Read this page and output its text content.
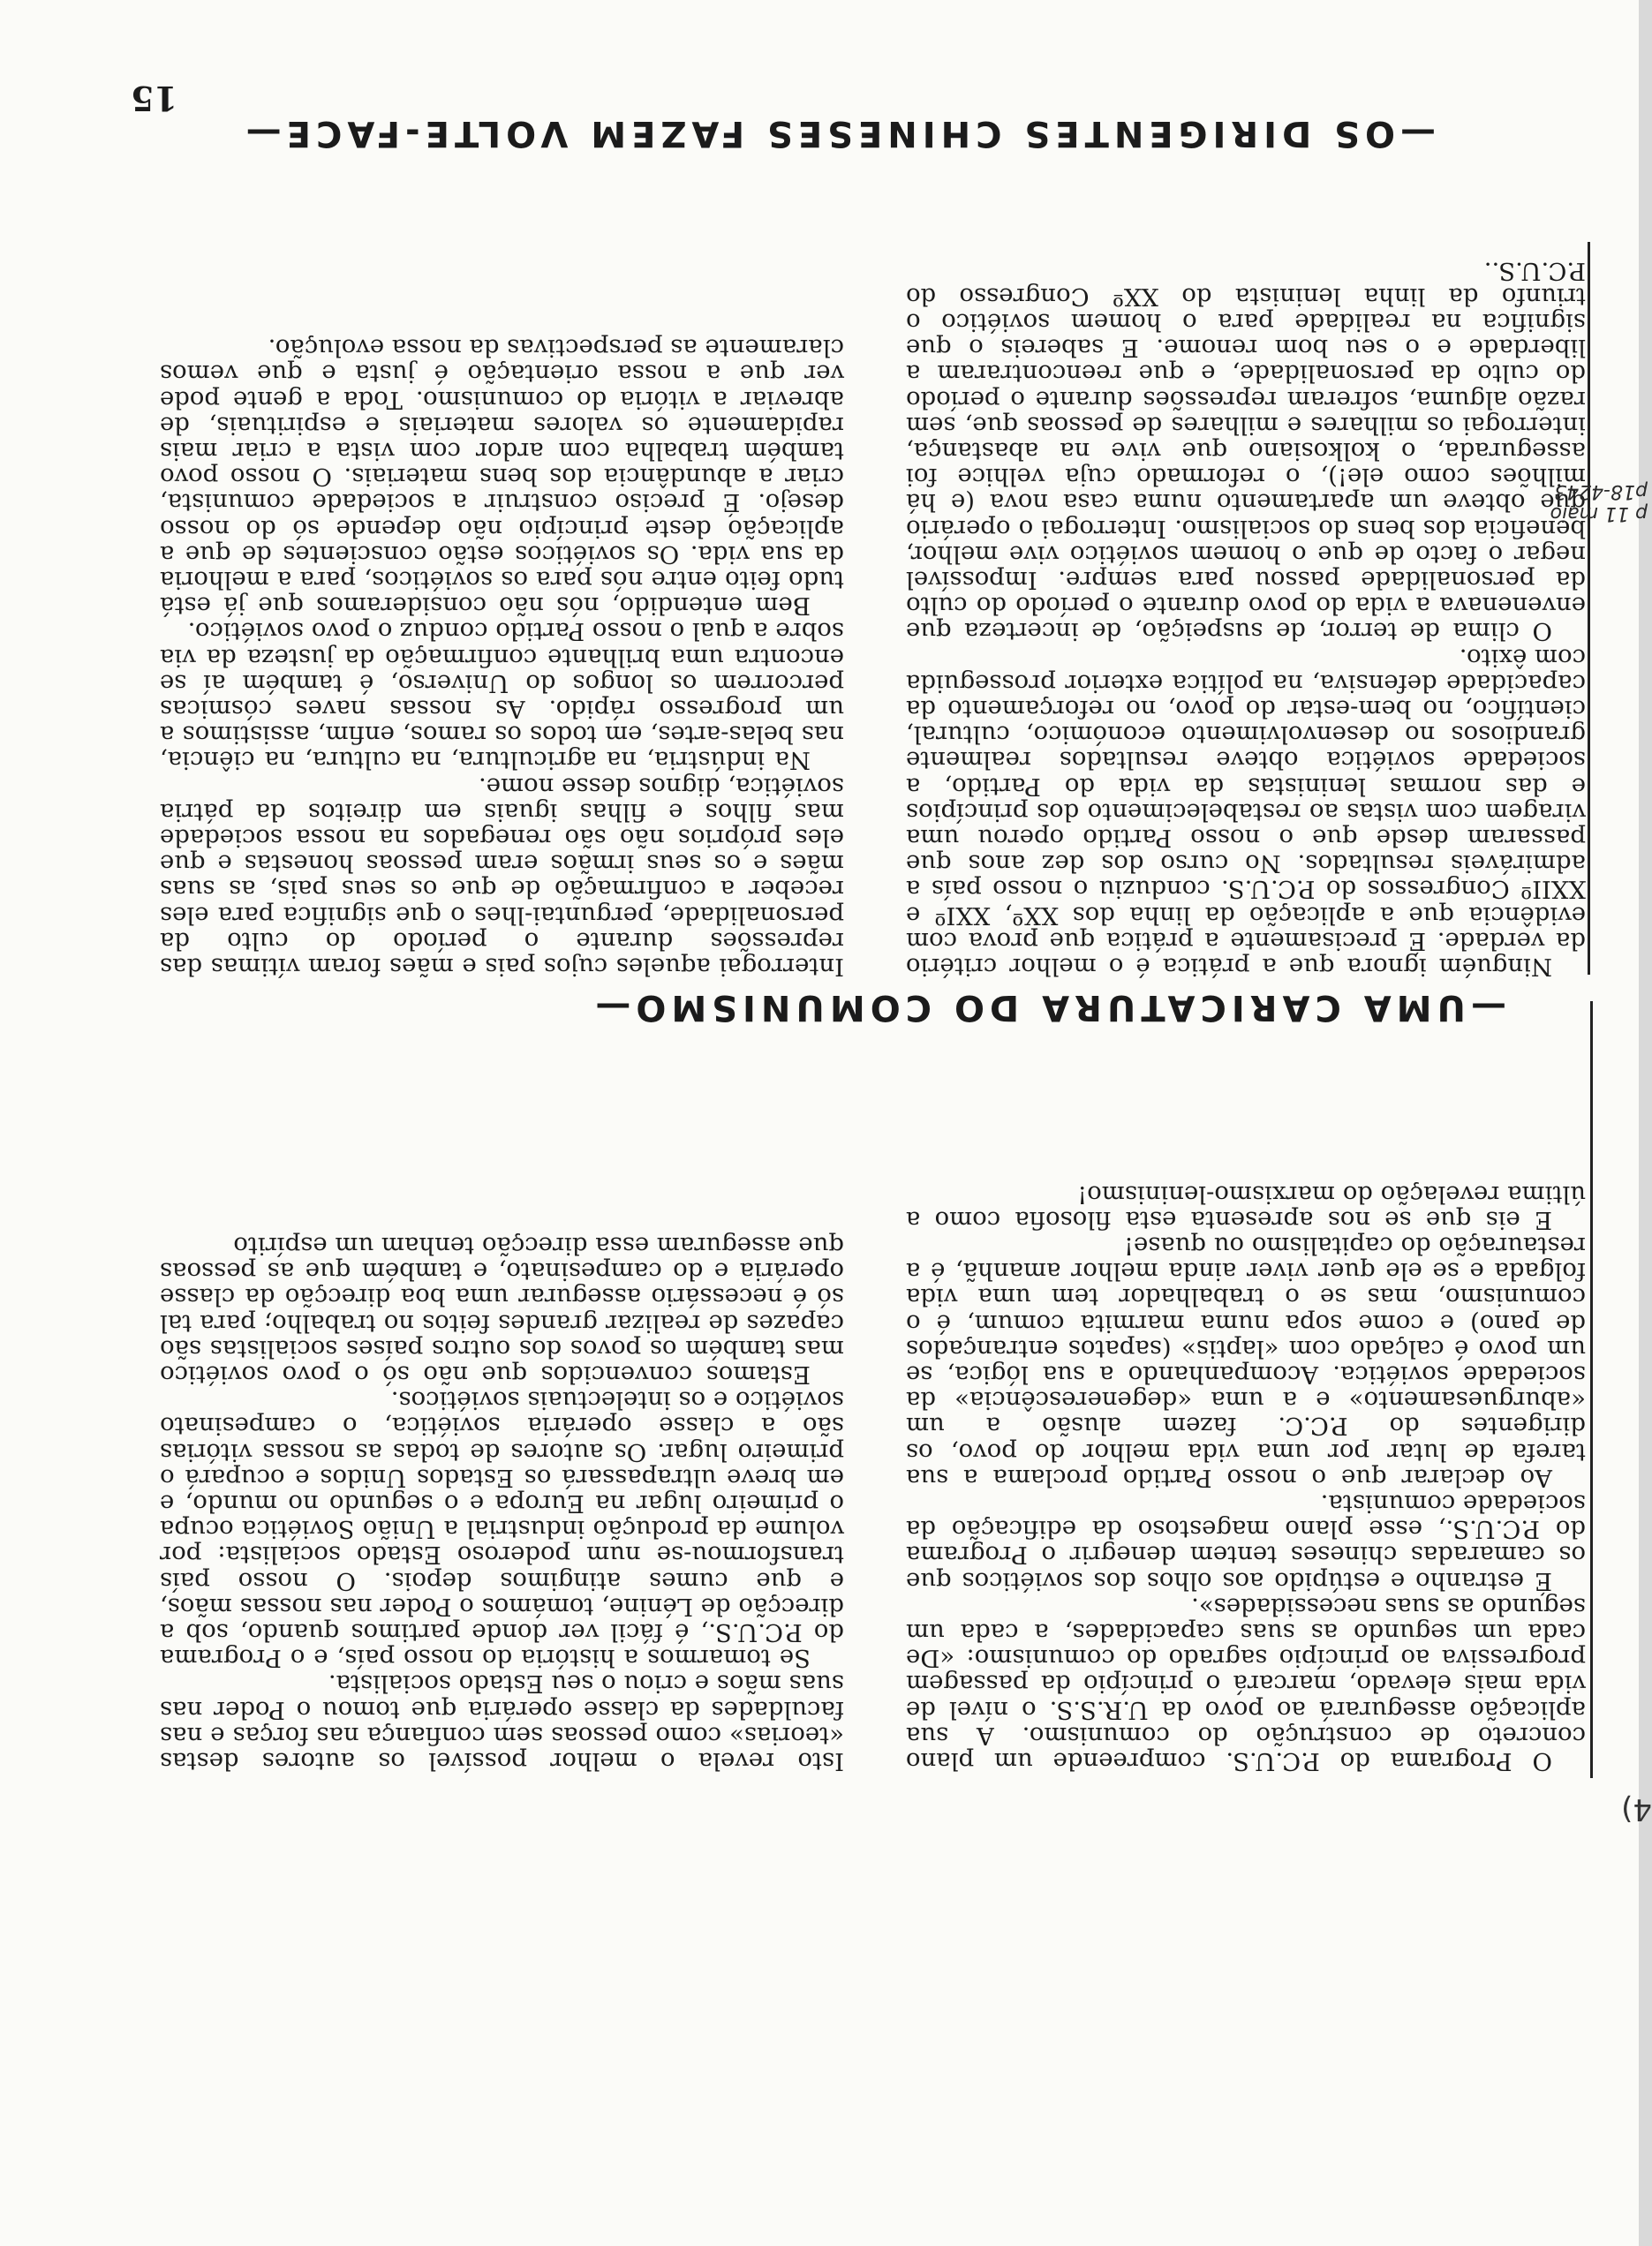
15
—OS DIRIGENTES CHINESES FAZEM VOLTE-FACE—

Ninguém ignora que a prática é o melhor critério da verdade. É precisamente a prática que prova com evidência que a aplicação da linha dos XXº, XXIº e XXIIº Congressos do P.C.U.S. conduziu o nosso país a admiráveis resultados. No curso dos dez anos que passaram desde que o nosso Partido operou uma viragem com vistas ao restabelecimento dos princípios e das normas leninistas da vida do Partido, a sociedade soviética obteve resultados realmente grandiosos no desenvolvimento económico, cultural, científico, no bem-estar do povo, no reforçamento da capacidade defensiva, na política exterior prosseguida com êxito.

O clima de terror, de suspeição, de incerteza que envenenava a vida do povo durante o período do culto da personalidade passou para sempre. Impossível negar o facto de que o homem soviético vive melhor, beneficia dos bens do socialismo. Interrogai o operário que obteve um apartamento numa casa nova (e há milhões como ele!), o reformado cuja velhice foi assegurada, o kolkosiano que vive na abastança, interrogai os milhares e milhares de pessoas que, sem razão alguma, sofreram repressões durante o período do culto da personalidade, e que reencontraram a liberdade e o seu bom renome. E sabereis o que significa na realidade para o homem soviético o triunfo da linha leninista do XXº Congresso do P.C.U.S..

Interrogai aqueles cujos pais e mães foram vítimas das repressões durante o período do culto da personalidade, perguntai-lhes o que significa para eles receber a confirmação de que os seus pais, as suas mães e os seus irmãos eram pessoas honestas e que eles próprios não são renegados na nossa sociedade mas filhos e filhas iguais em direitos da pátria soviética, dignos desse nome.

Na indústria, na agricultura, na cultura, na ciência, nas belas-artes, em todos os ramos, enfim, assistimos a um progresso rápido. As nossas naves cósmicas percorrem os longos do Universo, é também aí se encontra uma brilhante confirmação da justeza da via sobre a qual o nosso Partido conduz o povo soviético.

Bem entendido, nós não consideramos que já está tudo feito entre nós para os soviéticos, para a melhoria da sua vida. Os soviéticos estão conscientes de que a aplicação deste princípio não depende só do nosso desejo. É preciso construir a sociedade comunista, criar a abundância dos bens materiais. O nosso povo também trabalha com ardor com vista a criar mais rapidamente os valores materiais e espirituais, de abreviar a vitória do comunismo. Toda a gente pode ver que a nossa orientação é justa e que vemos claramente as perspectivas da nossa evolução.

—UMA CARICATURA DO COMUNISMO—

O Programa do P.C.U.S. compreende um plano concreto de construção do comunismo. A sua aplicação assegurará ao povo da U.R.S.S. o nível de vida mais elevado, marcará o princípio da passagem progressiva ao princípio sagrado do comunismo: «De cada um segundo as suas capacidades, a cada um segundo as suas necessidades».

É estranho e estúpido aos olhos dos soviéticos que os camaradas chineses tentem denegrir o Programa do P.C.U.S., esse plano magestoso da edificação da sociedade comunista.

Ao declarar que o nosso Partido proclama a sua tarefa de lutar por uma vida melhor do povo, os dirigentes do P.C.C. fazem alusão a um «aburguesamento» e a uma «degenerescência» da sociedade soviética. Acompanhando a sua lógica, se um povo é calçado com «laptis» (sapatos entrançados de pano) e come sopa numa marmita comum, é o comunismo, mas se o trabalhador tem uma vida folgada e se ele quer viver ainda melhor amanhã, é a restauração do capitalismo ou quase!

E eis que se nos apresenta esta filosofia como a última revelação do marxismo-leninismo!

Isto revela o melhor possível os autores destas «teorias» como pessoas sem confiança nas forças e nas faculdades da classe operária que tomou o Poder nas suas mãos e criou o seu Estado socialista.

Se tomarmos a história do nosso país, e o Programa do P.C.U.S., é fácil ver donde partimos quando, sob a direcção de Lénine, tomámos o Poder nas nossas mãos, e que cumes atingimos depois. O nosso país transformou-se num poderoso Estado socialista: por volume da produção industrial a União Soviética ocupa o primeiro lugar na Europa e o segundo no mundo, e em breve ultrapassará os Estados Unidos e ocupará o primeiro lugar. Os autores de todas as nossas vitórias são a classe operária soviética, o campesinato soviético e os intelectuais soviéticos.

Estamos convencidos que não só o povo soviético mas também os povos dos outros países socialistas são capazes de realizar grandes feitos no trabalho; para tal só é necessário assegurar uma boa direcção da classe operária e do campesinato, e também que as pessoas que asseguram essa direcção tenham um espírito

p 11 maio
p18-4243
4)
